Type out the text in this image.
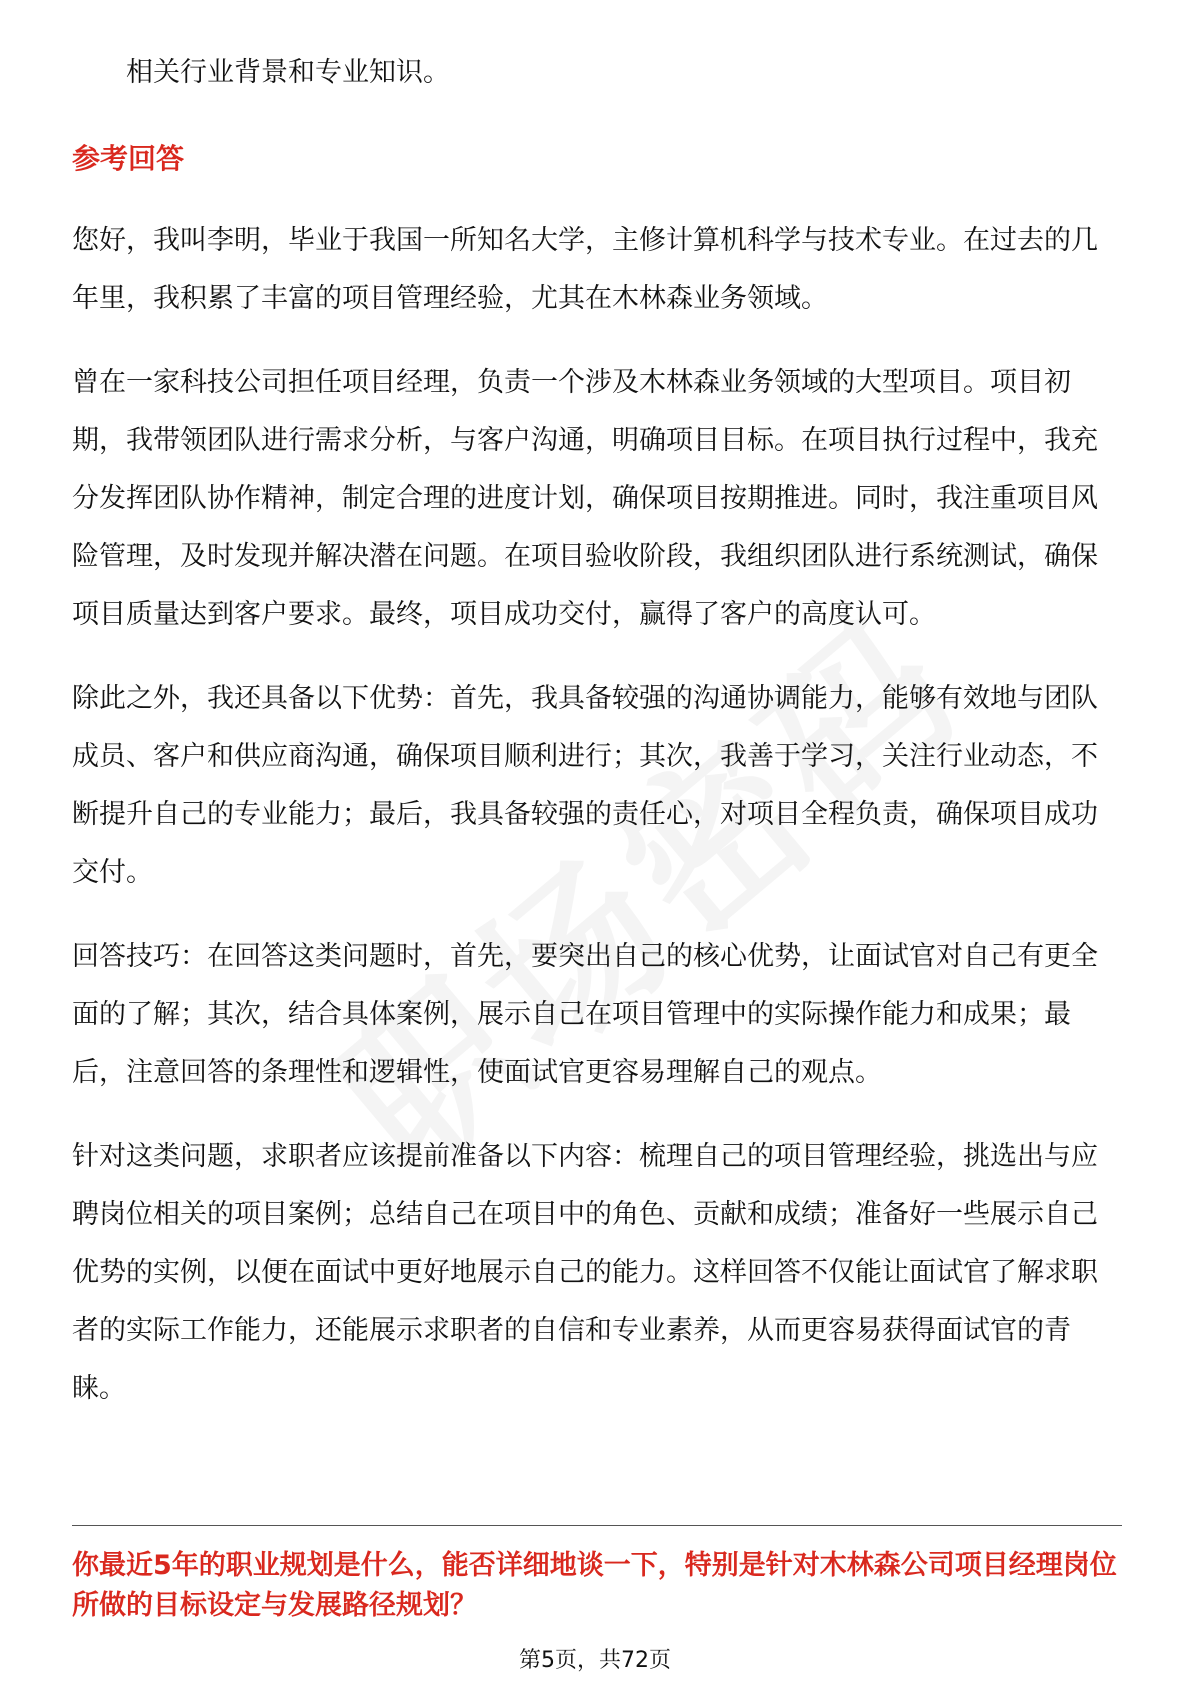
相关行业背景和专业知识。

参考回答

您好，我叫李明，毕业于我国一所知名大学，主修计算机科学与技术专业。在过去的几年里，我积累了丰富的项目管理经验，尤其在木林森业务领域。

曾在一家科技公司担任项目经理，负责一个涉及木林森业务领域的大型项目。项目初期，我带领团队进行需求分析，与客户沟通，明确项目目标。在项目执行过程中，我充分发挥团队协作精神，制定合理的进度计划，确保项目按期推进。同时，我注重项目风险管理，及时发现并解决潜在问题。在项目验收阶段，我组织团队进行系统测试，确保项目质量达到客户要求。最终，项目成功交付，赢得了客户的高度认可。

除此之外，我还具备以下优势：首先，我具备较强的沟通协调能力，能够有效地与团队成员、客户和供应商沟通，确保项目顺利进行；其次，我善于学习，关注行业动态，不断提升自己的专业能力；最后，我具备较强的责任心，对项目全程负责，确保项目成功交付。

回答技巧：在回答这类问题时，首先，要突出自己的核心优势，让面试官对自己有更全面的了解；其次，结合具体案例，展示自己在项目管理中的实际操作能力和成果；最后，注意回答的条理性和逻辑性，使面试官更容易理解自己的观点。

针对这类问题，求职者应该提前准备以下内容：梳理自己的项目管理经验，挑选出与应聘岗位相关的项目案例；总结自己在项目中的角色、贡献和成绩；准备好一些展示自己优势的实例，以便在面试中更好地展示自己的能力。这样回答不仅能让面试官了解求职者的实际工作能力，还能展示求职者的自信和专业素养，从而更容易获得面试官的青睐。

你最近5年的职业规划是什么，能否详细地谈一下，特别是针对木林森公司项目经理岗位所做的目标设定与发展路径规划？

第5页，共72页
